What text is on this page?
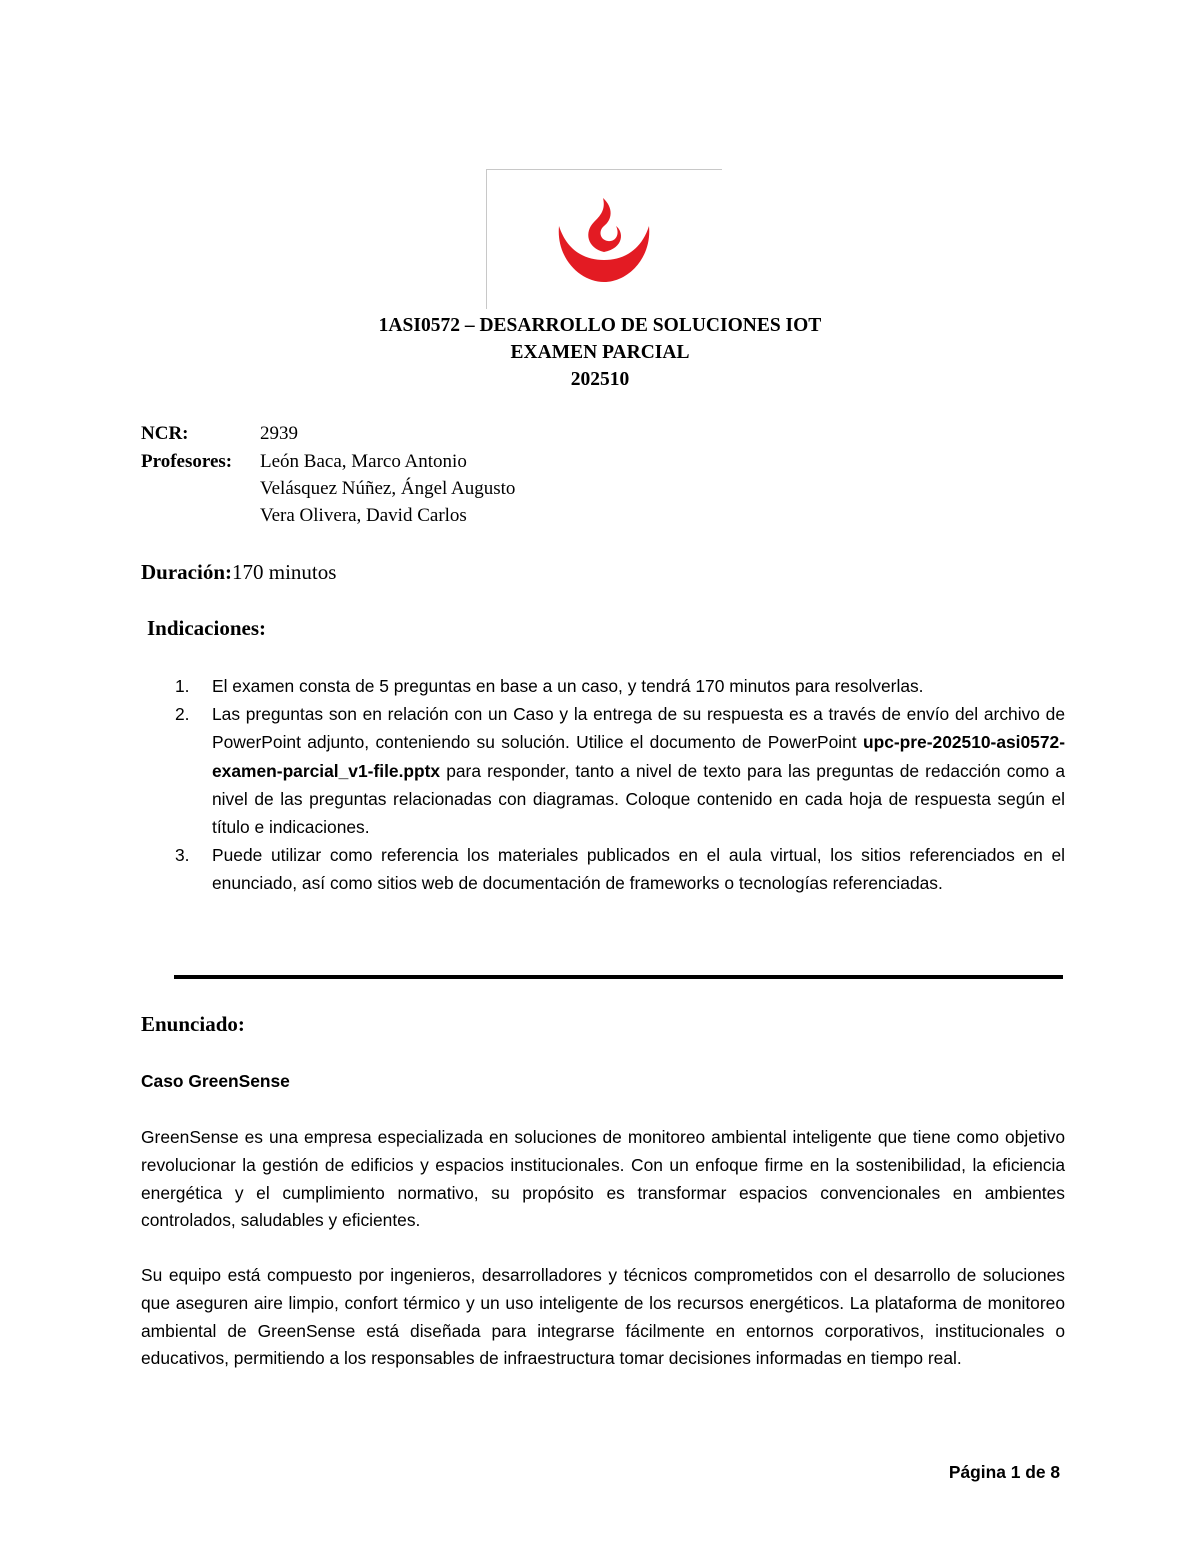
1ASI0572 – DESARROLLO DE SOLUCIONES IOT
EXAMEN PARCIAL
202510
NCR:	2939
Profesores: León Baca, Marco Antonio
Velásquez Núñez, Ángel Augusto
Vera Olivera, David Carlos
Duración:170 minutos
Indicaciones:
1. El examen consta de 5 preguntas en base a un caso, y tendrá 170 minutos para resolverlas.
2. Las preguntas son en relación con un Caso y la entrega de su respuesta es a través de envío del archivo de PowerPoint adjunto, conteniendo su solución. Utilice el documento de PowerPoint upc-pre-202510-asi0572-examen-parcial_v1-file.pptx para responder, tanto a nivel de texto para las preguntas de redacción como a nivel de las preguntas relacionadas con diagramas. Coloque contenido en cada hoja de respuesta según el título e indicaciones.
3. Puede utilizar como referencia los materiales publicados en el aula virtual, los sitios referenciados en el enunciado, así como sitios web de documentación de frameworks o tecnologías referenciadas.
Enunciado:
Caso GreenSense

GreenSense es una empresa especializada en soluciones de monitoreo ambiental inteligente que tiene como objetivo revolucionar la gestión de edificios y espacios institucionales. Con un enfoque firme en la sostenibilidad, la eficiencia energética y el cumplimiento normativo, su propósito es transformar espacios convencionales en ambientes controlados, saludables y eficientes.

Su equipo está compuesto por ingenieros, desarrolladores y técnicos comprometidos con el desarrollo de soluciones que aseguren aire limpio, confort térmico y un uso inteligente de los recursos energéticos. La plataforma de monitoreo ambiental de GreenSense está diseñada para integrarse fácilmente en entornos corporativos, institucionales o educativos, permitiendo a los responsables de infraestructura tomar decisiones informadas en tiempo real.

Página 1 de 8
